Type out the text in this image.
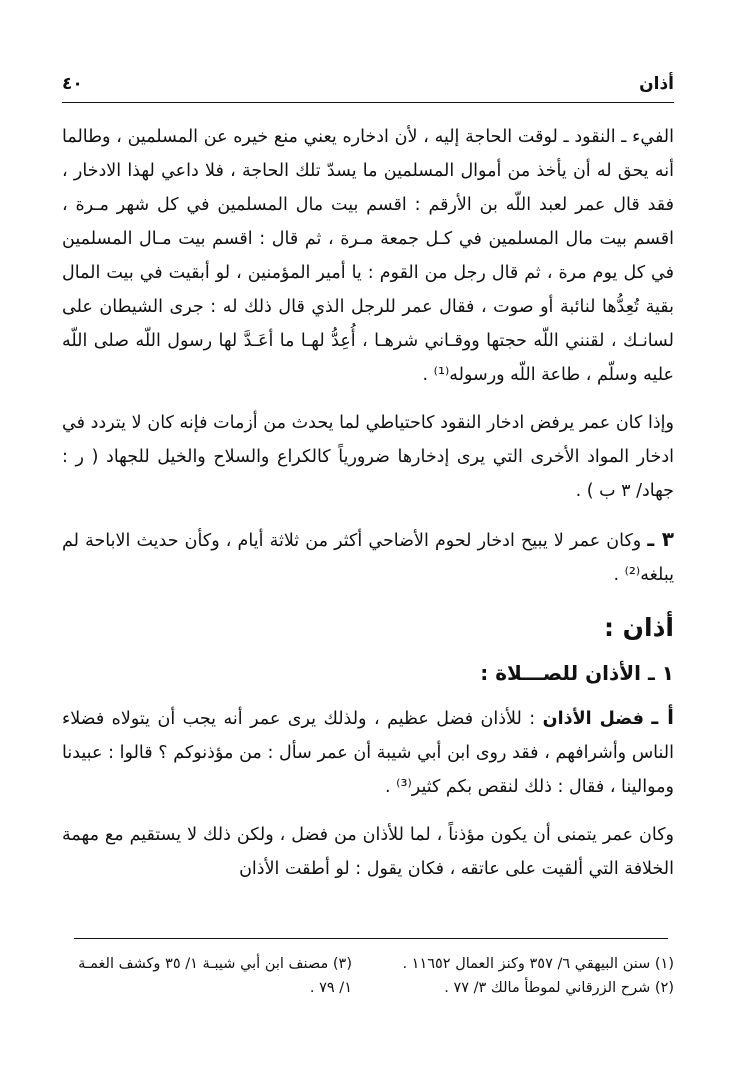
أذان
٤٠

الفيء ـ النقود ـ لوقت الحاجة إليه ، لأن ادخاره يعني منع خيره عن المسلمين ، وطالما أنه يحق له أن يأخذ من أموال المسلمين ما يسدّ تلك الحاجة ، فلا داعي لهذا الادخار ، فقد قال عمر لعبد اللّه بن الأرقم : اقسم بيت مال المسلمين في كل شهر مـرة ، اقسم بيت مال المسلمين في كـل جمعة مـرة ، ثم قال : اقسم بيت مـال المسلمين في كل يوم مرة ، ثم قال رجل من القوم : يا أمير المؤمنين ، لو أبقيت في بيت المال بقية تُعِدُّها لنائبة أو صوت ، فقال عمر للرجل الذي قال ذلك له : جرى الشيطان على لسانـك ، لقنني اللّه حجتها ووقـاني شرهـا ، أُعِدُّ لهـا ما أعَـدَّ لها رسول اللّه صلى اللّه عليه وسلّم ، طاعة اللّه ورسوله⁽¹⁾ .

وإذا كان عمر يرفض ادخار النقود كاحتياطي لما يحدث من أزمات فإنه كان لا يتردد في ادخار المواد الأخرى التي يرى إدخارها ضرورياً كالكراع والسلاح والخيل للجهاد ( ر : جهاد/ ٣ ب ) .

٣ ـ وكان عمر لا يبيح ادخار لحوم الأضاحي أكثر من ثلاثة أيام ، وكأن حديث الاباحة لم يبلغه⁽²⁾ .

أذان :
١ ـ الأذان للصـــلاة :

أ ـ فضل الأذان : للأذان فضل عظيم ، ولذلك يرى عمر أنه يجب أن يتولاه فضلاء الناس وأشرافهم ، فقد روى ابن أبي شيبة أن عمر سأل : من مؤذنوكم ؟ قالوا : عبيدنا وموالينا ، فقال : ذلك لنقص بكم كثير⁽³⁾ .

وكان عمر يتمنى أن يكون مؤذناً ، لما للأذان من فضل ، ولكن ذلك لا يستقيم مع مهمة الخلافة التي ألقيت على عاتقه ، فكان يقول : لو أطقت الأذان

(١) سنن البيهقي ٦/ ٣٥٧ وكنز العمال ١١٦٥٢ .
(٢) شرح الزرقاني لموطأ مالك ٣/ ٧٧ .
(٣) مصنف ابن أبي شيبـة ١/ ٣٥ وكشف الغمـة
١/ ٧٩ .
